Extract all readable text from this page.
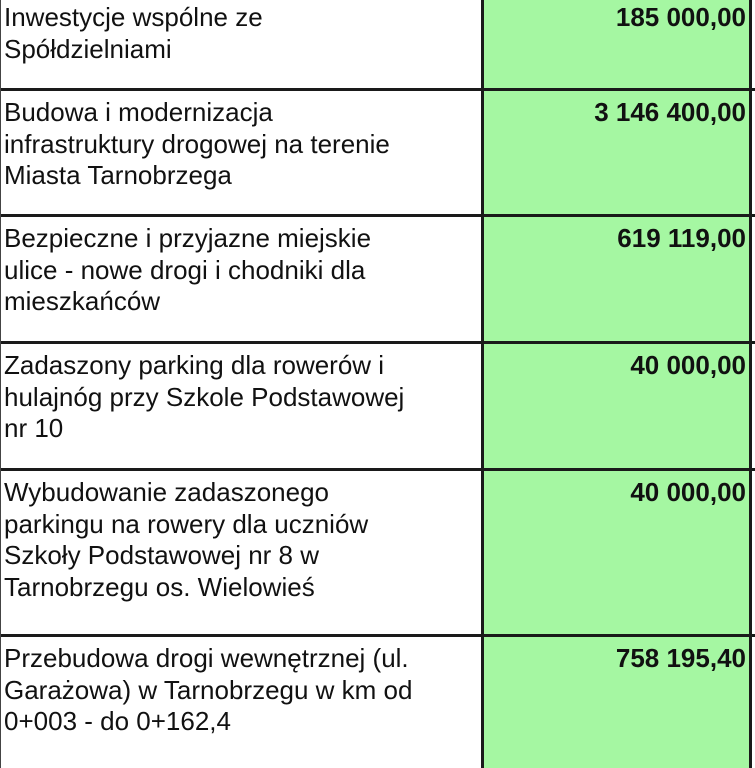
Inwestycje wspólne ze
Spółdzielniami
185 000,00
Budowa i modernizacja
infrastruktury drogowej na terenie
Miasta Tarnobrzega
3 146 400,00
Bezpieczne i przyjazne miejskie
ulice - nowe drogi i chodniki dla
mieszkańców
619 119,00
Zadaszony parking dla rowerów i
hulajnóg przy Szkole Podstawowej
nr 10
40 000,00
Wybudowanie zadaszonego
parkingu na rowery dla uczniów
Szkoły Podstawowej nr 8 w
Tarnobrzegu os. Wielowieś
40 000,00
Przebudowa drogi wewnętrznej (ul.
Garażowa) w Tarnobrzegu w km od
0+003 - do 0+162,4
758 195,40
